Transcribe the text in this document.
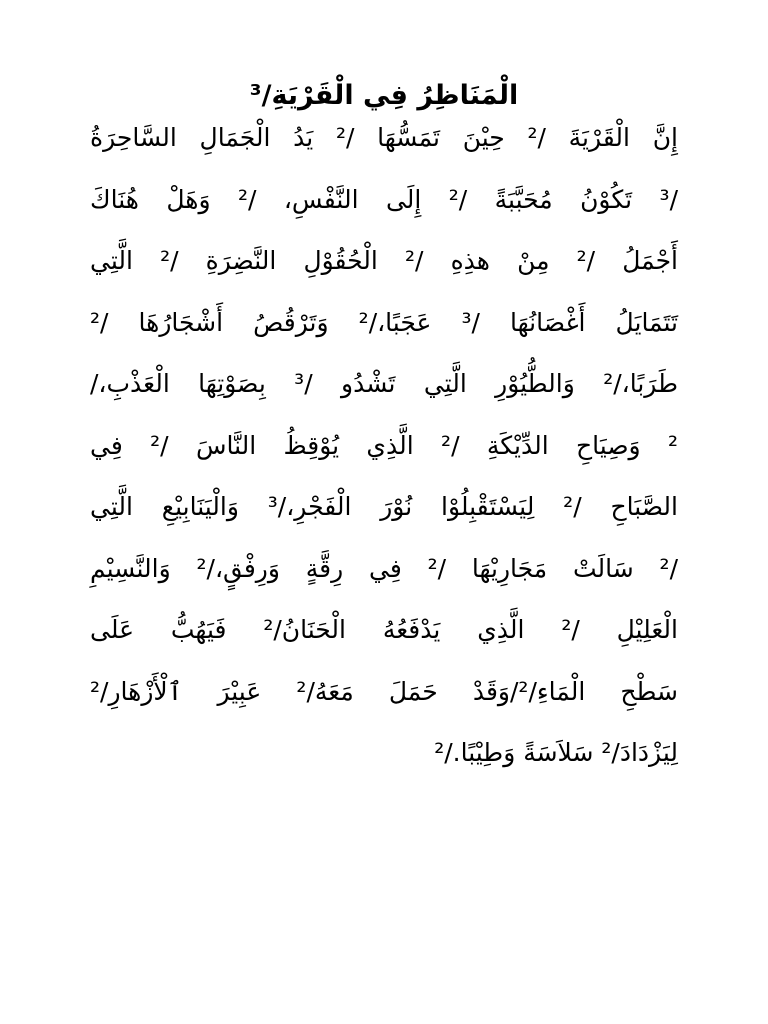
الْمَنَاظِرُ فِي الْقَرْيَةِ/³
إِنَّ الْقَرْيَةَ /² حِيْنَ تَمَسُّهَا /² يَدُ الْجَمَالِ السَّاحِرَةُ
/³ تَكُوْنُ مُحَبَّبَةً /² إِلَى النَّفْسِ، /² وَهَلْ هُنَاكَ
أَجْمَلُ /² مِنْ هذِهِ /² الْحُقُوْلِ النَّضِرَةِ /² الَّتِي
تَتَمَايَلُ أَغْصَانُهَا /³ عَجَبًا،/² وَتَرْقُصُ أَشْجَارُهَا /²
طَرَبًا،/² وَالطُّيُوْرِ الَّتِي تَشْدُو /³ بِصَوْتِهَا الْعَذْبِ،/
² وَصِيَاحِ الدِّيْكَةِ /² الَّذِي يُوْقِظُ النَّاسَ /² فِي
الصَّبَاحِ /² لِيَسْتَقْبِلُوْا نُوْرَ الْفَجْرِ،/³ وَالْيَنَابِيْعِ الَّتِي
/² سَالَتْ مَجَارِيْهَا /² فِي رِقَّةٍ وَرِفْقٍ،/² وَالنَّسِيْمِ
الْعَلِيْلِ /² الَّذِي يَدْفَعُهُ الْحَنَانُ/² فَيَهُبُّ عَلَى
سَطْحِ الْمَاءِ/²/وَقَدْ حَمَلَ مَعَهُ/² عَبِيْرَ ٱلْأَزْهَارِ/²
لِيَزْدَادَ/² سَلاَسَةً وَطِيْبًا./²
